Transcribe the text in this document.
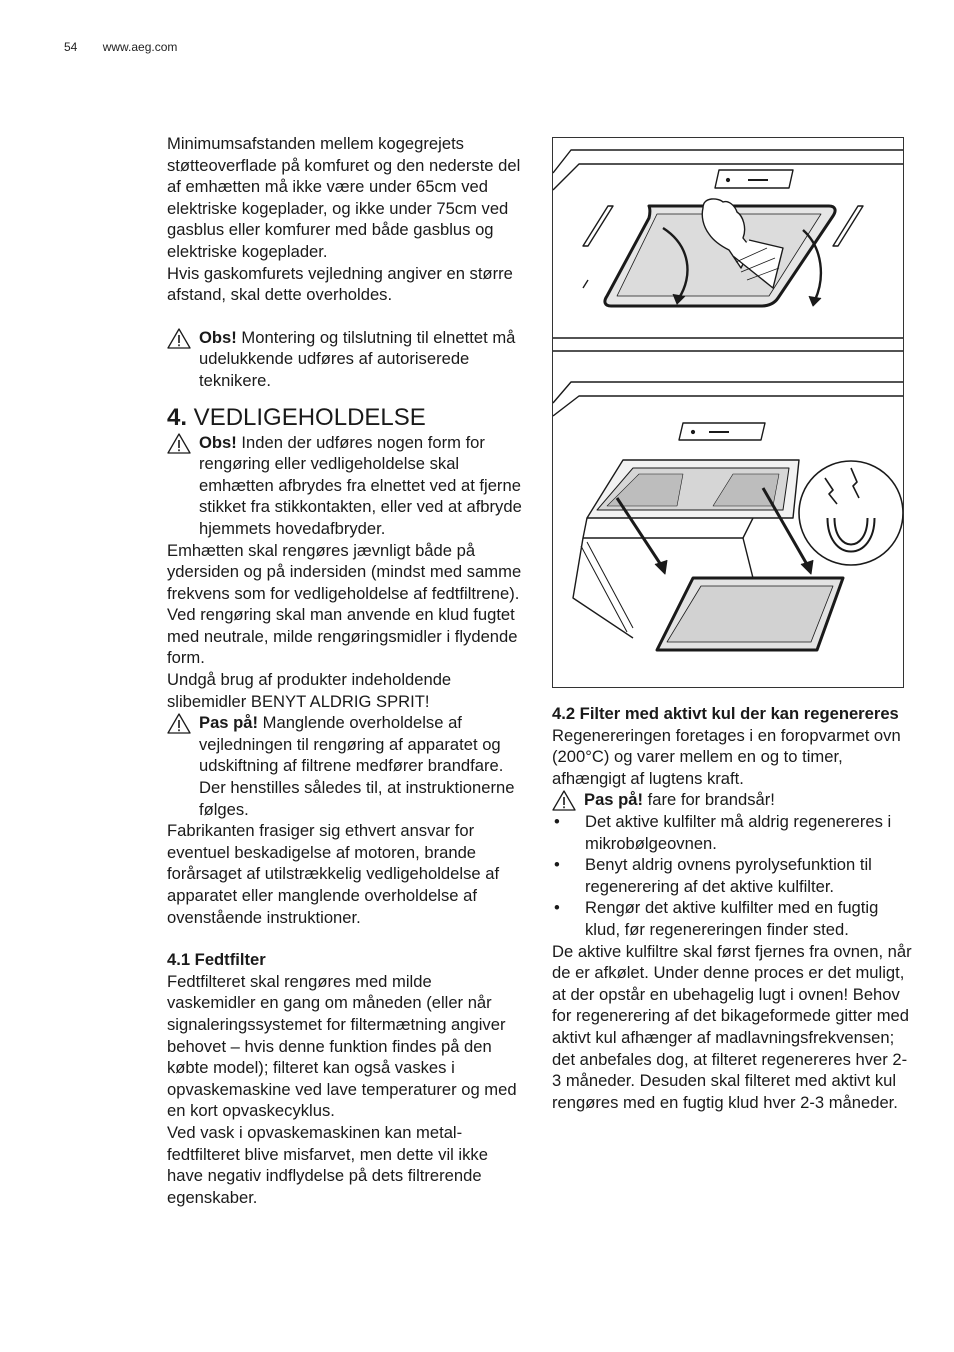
54 www.aeg.com

Minimumsafstanden mellem kogegrejets støtteoverflade på komfuret og den nederste del af emhætten må ikke være under 65cm ved elektriske kogeplader, og ikke under 75cm ved gasblus eller komfurer med både gasblus og elektriske kogeplader.

Hvis gaskomfurets vejledning angiver en større afstand, skal dette overholdes.

Obs! Montering og tilslutning til elnettet må udelukkende udføres af autoriserede teknikere.

4. VEDLIGEHOLDELSE

Obs! Inden der udføres nogen form for rengøring eller vedligeholdelse skal emhætten afbrydes fra elnettet ved at fjerne stikket fra stikkontakten, eller ved at afbryde hjemmets hovedafbryder.

Emhætten skal rengøres jævnligt både på ydersiden og på indersiden (mindst med samme frekvens som for vedligeholdelse af fedtfiltrene). Ved rengøring skal man anvende en klud fugtet med neutrale, milde rengøringsmidler i flydende form.

Undgå brug af produkter indeholdende slibemidler BENYT ALDRIG SPRIT!

Pas på! Manglende overholdelse af vejledningen til rengøring af apparatet og udskiftning af filtrene medfører brandfare. Der henstilles således til, at instruktionerne følges.

Fabrikanten frasiger sig ethvert ansvar for eventuel beskadigelse af motoren, brande forårsaget af utilstrækkelig vedligeholdelse af apparatet eller manglende overholdelse af ovenstående instruktioner.

4.1 Fedtfilter

Fedtfilteret skal rengøres med milde vaskemidler en gang om måneden (eller når signaleringssystemet for filtermætning angiver behovet – hvis denne funktion findes på den købte model); filteret kan også vaskes i opvaskemaskine ved lave temperaturer og med en kort opvaskecyklus.

Ved vask i opvaskemaskinen kan metal-fedtfilteret blive misfarvet, men dette vil ikke have negativ indflydelse på dets filtrerende egenskaber.

4.2 Filter med aktivt kul der kan regenereres

Regenereringen foretages i en foropvarmet ovn (200°C) og varer mellem en og to timer, afhængigt af lugtens kraft.

Pas på! fare for brandsår!

• Det aktive kulfilter må aldrig regenereres i mikrobølgeovnen.
• Benyt aldrig ovnens pyrolysefunktion til regenerering af det aktive kulfilter.
• Rengør det aktive kulfilter med en fugtig klud, før regenereringen finder sted.

De aktive kulfiltre skal først fjernes fra ovnen, når de er afkølet. Under denne proces er det muligt, at der opstår en ubehagelig lugt i ovnen! Behov for regenerering af det bikageformede gitter med aktivt kul afhænger af madlavningsfrekvensen; det anbefales dog, at filteret regenereres hver 2-3 måneder. Desuden skal filteret med aktivt kul rengøres med en fugtig klud hver 2-3 måneder.
